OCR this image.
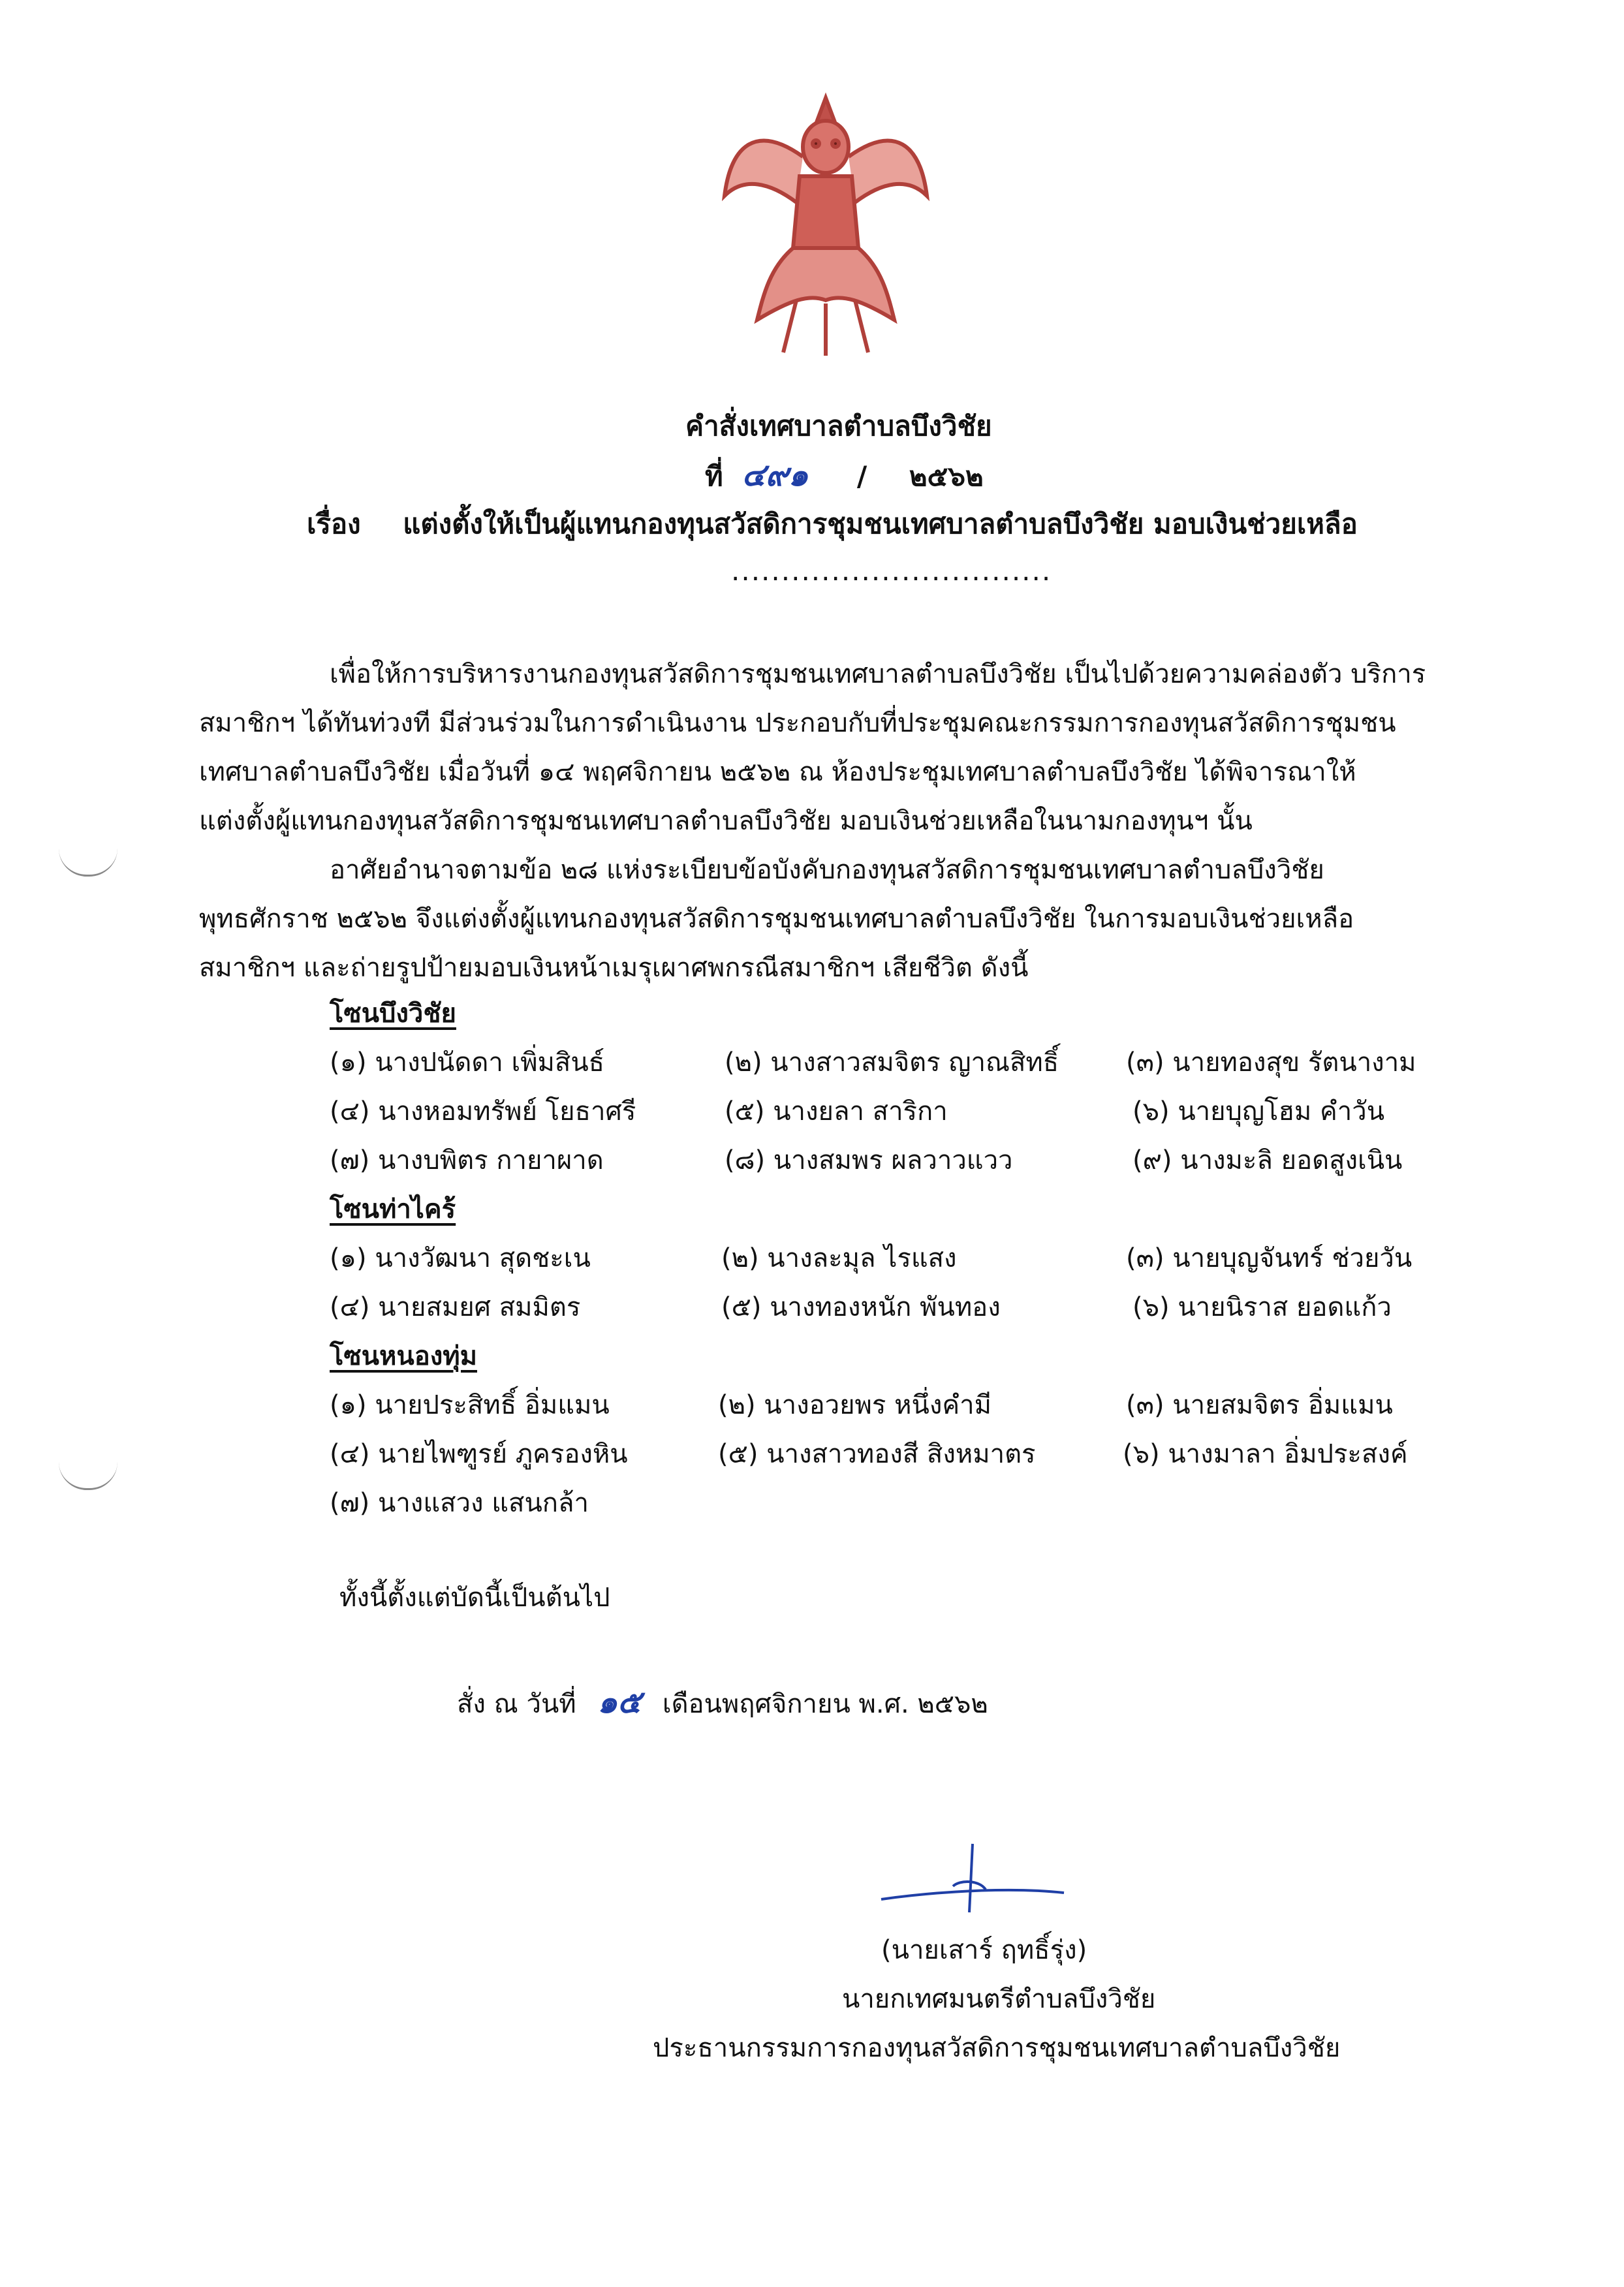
คำสั่งเทศบาลตำบลบึงวิชัย
ที่ ๔๙๑ / ๒๕๖๒
เรื่อง แต่งตั้งให้เป็นผู้แทนกองทุนสวัสดิการชุมชนเทศบาลตำบลบึงวิชัย มอบเงินช่วยเหลือ
................................
เพื่อให้การบริหารงานกองทุนสวัสดิการชุมชนเทศบาลตำบลบึงวิชัย เป็นไปด้วยความคล่องตัว บริการ
สมาชิกฯ ได้ทันท่วงที มีส่วนร่วมในการดำเนินงาน ประกอบกับที่ประชุมคณะกรรมการกองทุนสวัสดิการชุมชน
เทศบาลตำบลบึงวิชัย เมื่อวันที่ ๑๔ พฤศจิกายน ๒๕๖๒ ณ ห้องประชุมเทศบาลตำบลบึงวิชัย ได้พิจารณาให้
แต่งตั้งผู้แทนกองทุนสวัสดิการชุมชนเทศบาลตำบลบึงวิชัย มอบเงินช่วยเหลือในนามกองทุนฯ นั้น
อาศัยอำนาจตามข้อ ๒๘ แห่งระเบียบข้อบังคับกองทุนสวัสดิการชุมชนเทศบาลตำบลบึงวิชัย
พุทธศักราช ๒๕๖๒ จึงแต่งตั้งผู้แทนกองทุนสวัสดิการชุมชนเทศบาลตำบลบึงวิชัย ในการมอบเงินช่วยเหลือ
สมาชิกฯ และถ่ายรูปป้ายมอบเงินหน้าเมรุเผาศพกรณีสมาชิกฯ เสียชีวิต ดังนี้
โซนบึงวิชัย
(๑) นางปนัดดา เพิ่มสินธ์	(๒) นางสาวสมจิตร ญาณสิทธิ์	(๓) นายทองสุข รัตนางาม
(๔) นางหอมทรัพย์ โยธาศรี	(๕) นางยลา สาริกา	(๖) นายบุญโฮม คำวัน
(๗) นางบพิตร กายาผาด	(๘) นางสมพร ผลวาวแวว	(๙) นางมะลิ ยอดสูงเนิน
โซนท่าไคร้
(๑) นางวัฒนา สุดชะเน	(๒) นางละมุล ไรแสง	(๓) นายบุญจันทร์ ช่วยวัน
(๔) นายสมยศ สมมิตร	(๕) นางทองหนัก พันทอง	(๖) นายนิราส ยอดแก้ว
โซนหนองทุ่ม
(๑) นายประสิทธิ์ อิ่มแมน	(๒) นางอวยพร หนึ่งคำมี	(๓) นายสมจิตร อิ่มแมน
(๔) นายไพฑูรย์ ภูครองหิน	(๕) นางสาวทองสี สิงหมาตร	(๖) นางมาลา อิ่มประสงค์
(๗) นางแสวง แสนกล้า
ทั้งนี้ตั้งแต่บัดนี้เป็นต้นไป
สั่ง ณ วันที่ ๑๕ เดือนพฤศจิกายน พ.ศ. ๒๕๖๒
(นายเสาร์ ฤทธิ์รุ่ง)
นายกเทศมนตรีตำบลบึงวิชัย
ประธานกรรมการกองทุนสวัสดิการชุมชนเทศบาลตำบลบึงวิชัย
